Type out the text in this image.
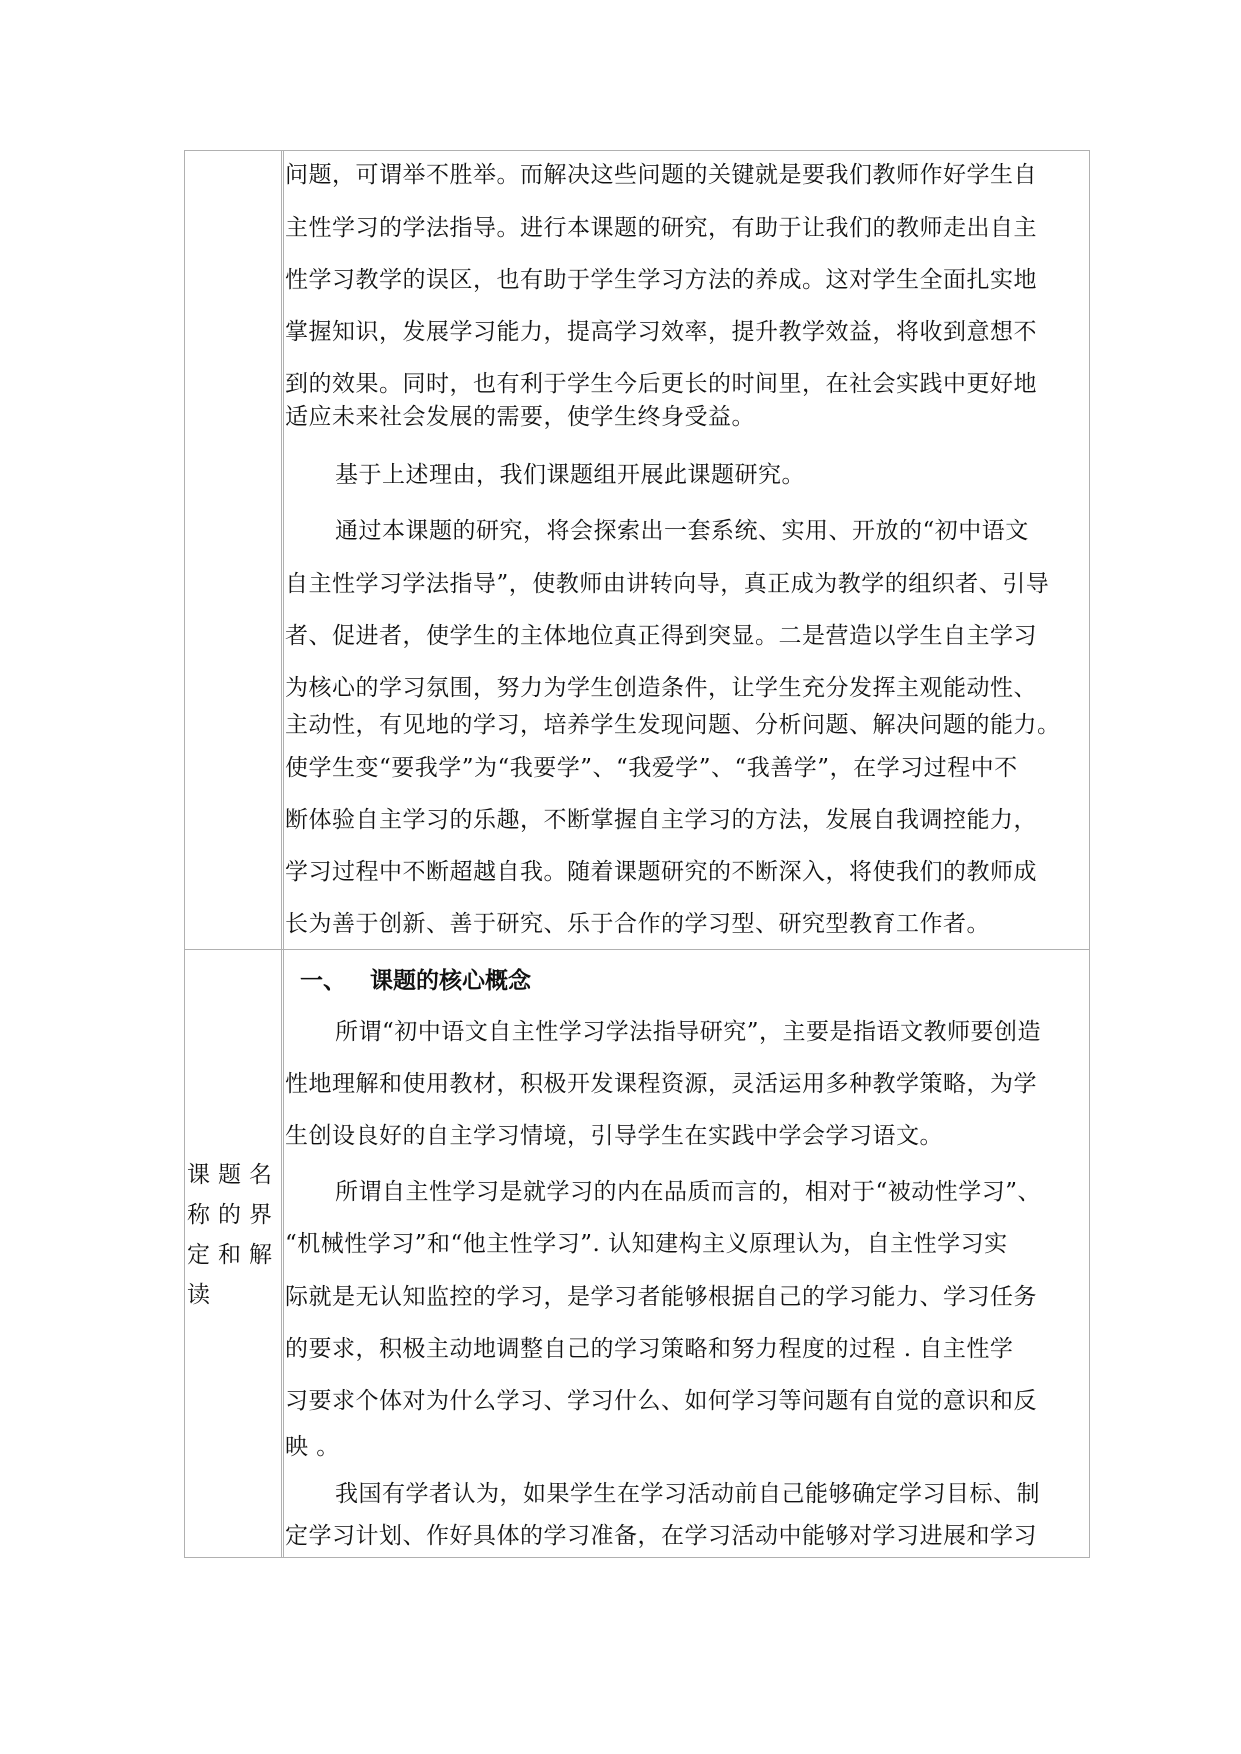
问题，可谓举不胜举。而解决这些问题的关键就是要我们教师作好学生自
主性学习的学法指导。进行本课题的研究，有助于让我们的教师走出自主
性学习教学的误区，也有助于学生学习方法的养成。这对学生全面扎实地
掌握知识，发展学习能力，提高学习效率，提升教学效益，将收到意想不
到的效果。同时，也有利于学生今后更长的时间里，在社会实践中更好地
适应未来社会发展的需要，使学生终身受益。
基于上述理由，我们课题组开展此课题研究。
通过本课题的研究，将会探索出一套系统、实用、开放的“初中语文
自主性学习学法指导”，使教师由讲转向导，真正成为教学的组织者、引导
者、促进者，使学生的主体地位真正得到突显。二是营造以学生自主学习
为核心的学习氛围，努力为学生创造条件，让学生充分发挥主观能动性、
主动性，有见地的学习，培养学生发现问题、分析问题、解决问题的能力。
使学生变“要我学”为“我要学”、“我爱学”、“我善学”，在学习过程中不
断体验自主学习的乐趣，不断掌握自主学习的方法，发展自我调控能力，
学习过程中不断超越自我。随着课题研究的不断深入，将使我们的教师成
长为善于创新、善于研究、乐于合作的学习型、研究型教育工作者。
课题名
称的界
定和解
读
一、 课题的核心概念
所谓“初中语文自主性学习学法指导研究”，主要是指语文教师要创造
性地理解和使用教材，积极开发课程资源，灵活运用多种教学策略，为学
生创设良好的自主学习情境，引导学生在实践中学会学习语文。
所谓自主性学习是就学习的内在品质而言的，相对于“被动性学习”、
“机械性学习”和“他主性学习”. 认知建构主义原理认为，自主性学习实
际就是无认知监控的学习，是学习者能够根据自己的学习能力、学习任务
的要求，积极主动地调整自己的学习策略和努力程度的过程 . 自主性学
习要求个体对为什么学习、学习什么、如何学习等问题有自觉的意识和反
映 。
我国有学者认为，如果学生在学习活动前自己能够确定学习目标、制
定学习计划、作好具体的学习准备，在学习活动中能够对学习进展和学习
